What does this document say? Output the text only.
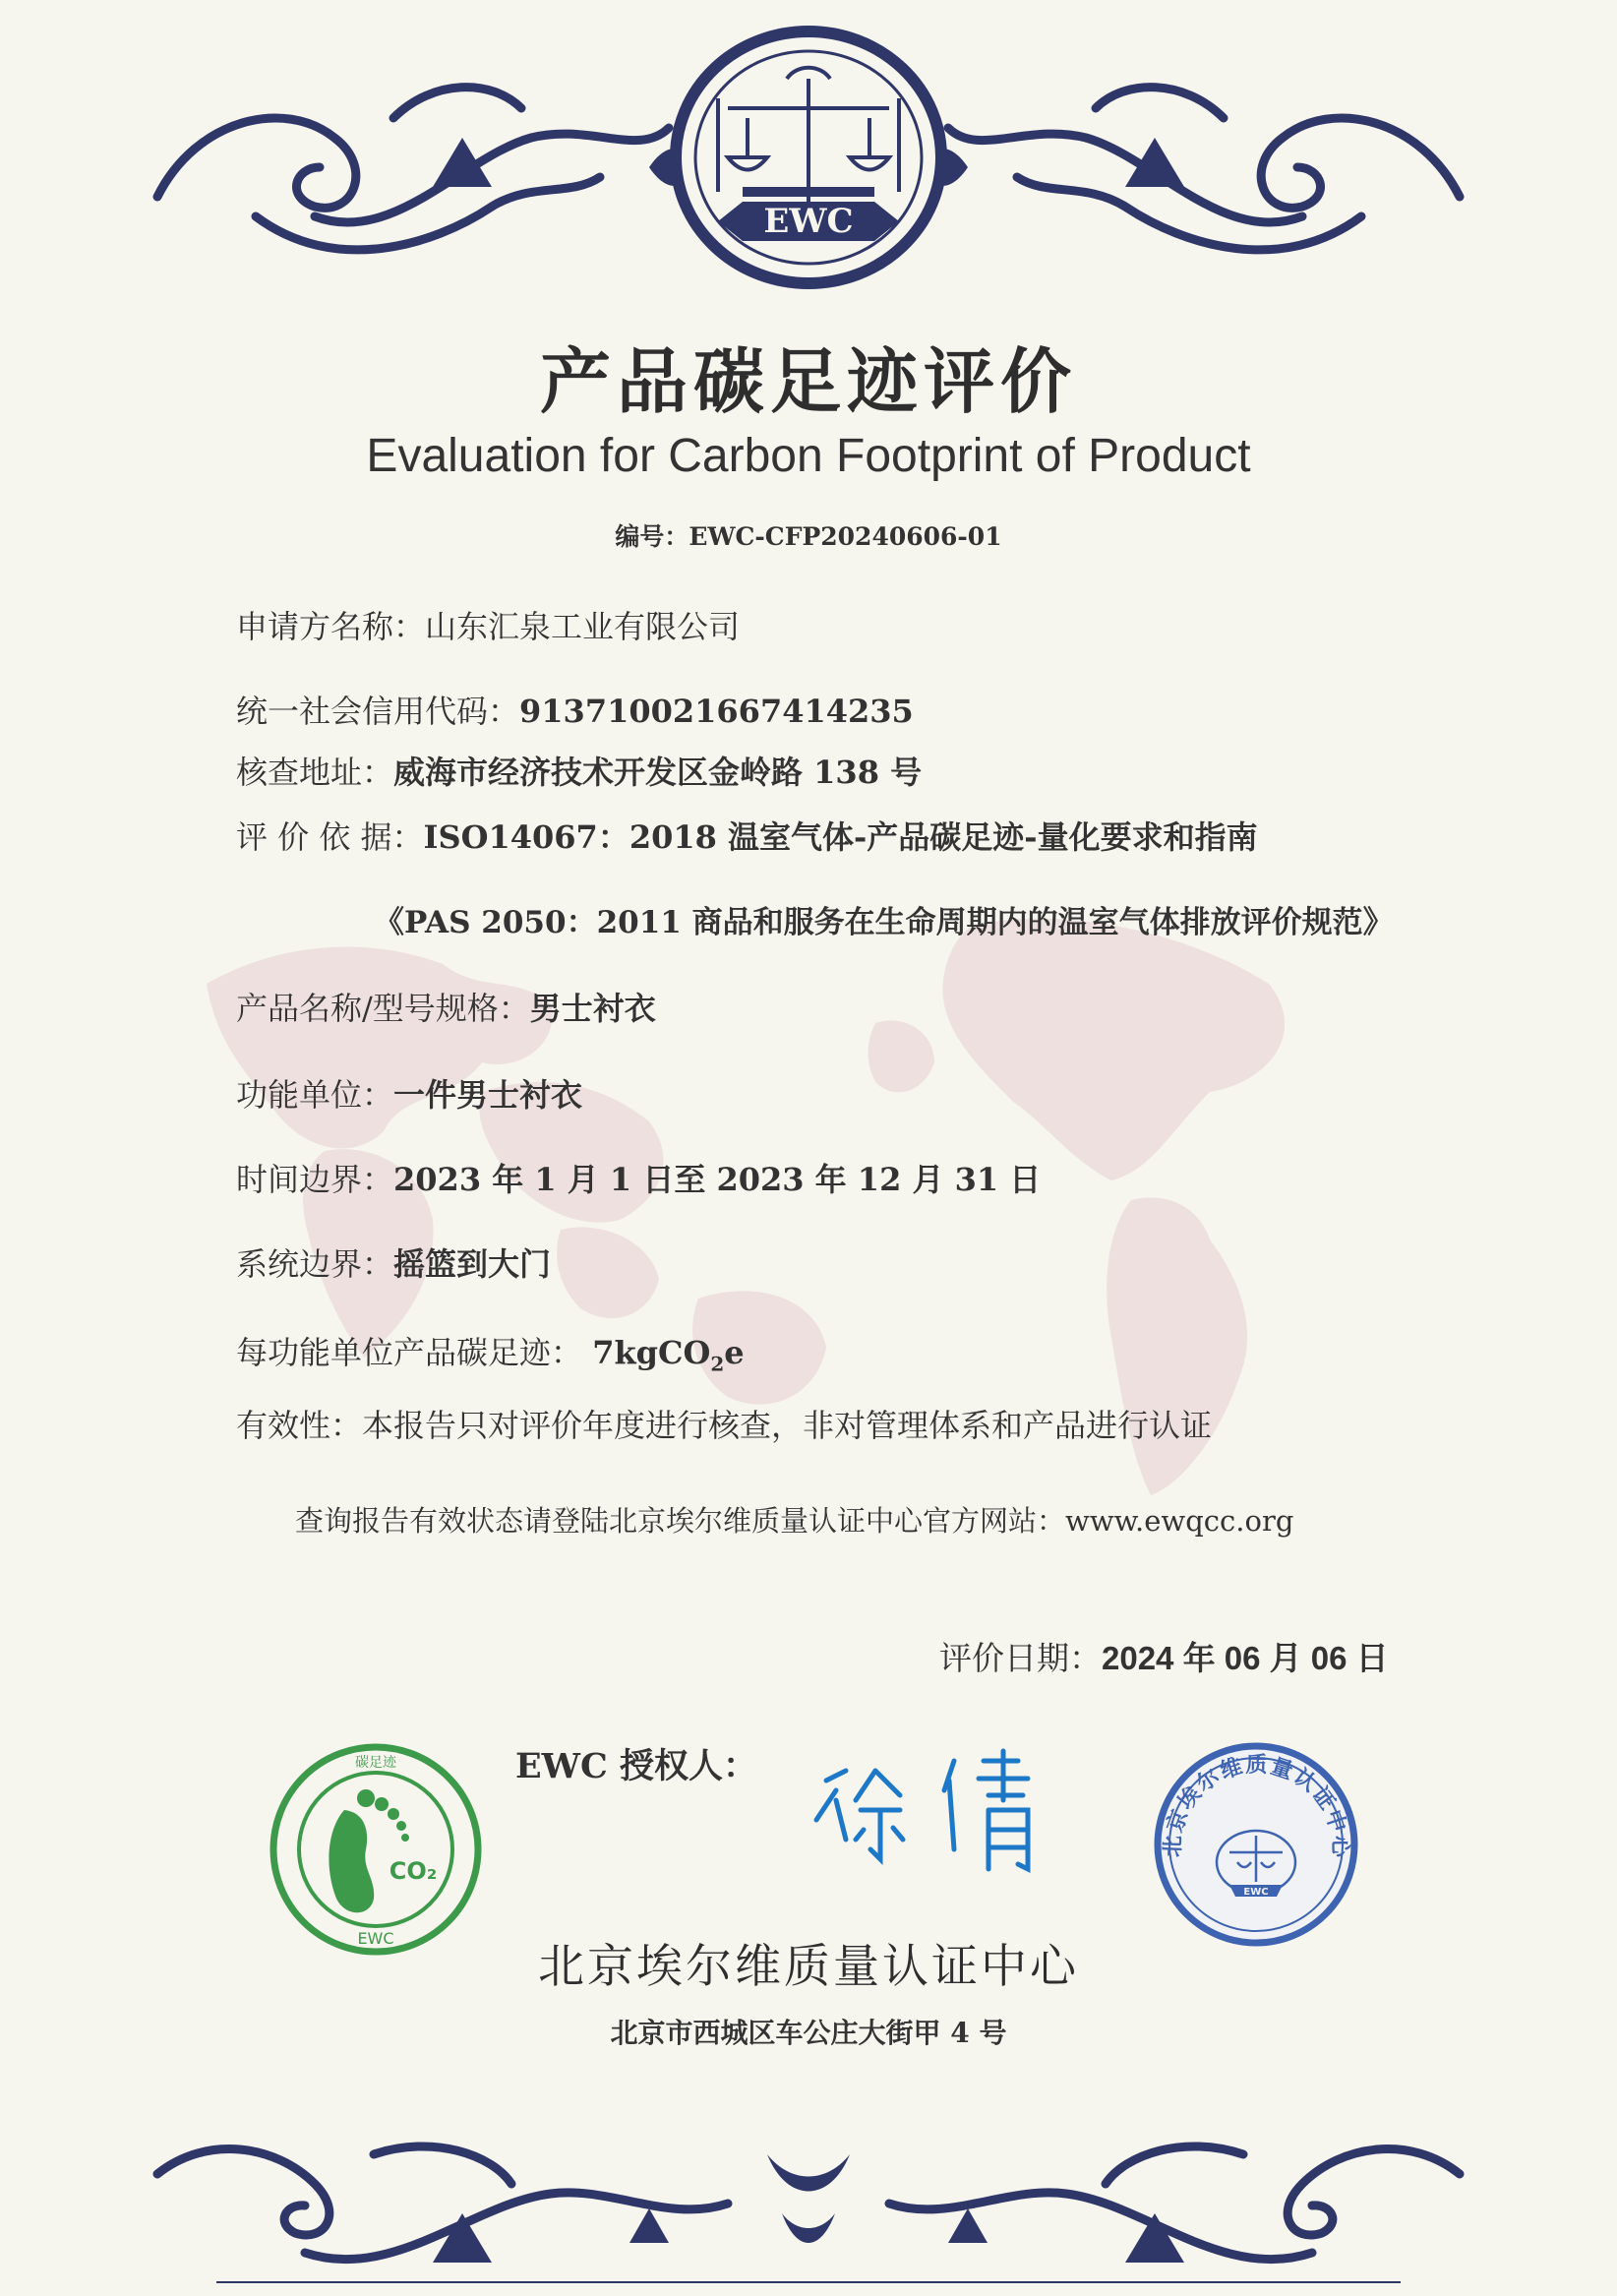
EWC
产品碳足迹评价
Evaluation for Carbon Footprint of Product
编号：EWC-CFP20240606-01
申请方名称：山东汇泉工业有限公司
统一社会信用代码：913710021667414235
核查地址：威海市经济技术开发区金岭路 138 号
评 价 依 据：ISO14067：2018 温室气体-产品碳足迹-量化要求和指南
《PAS 2050：2011 商品和服务在生命周期内的温室气体排放评价规范》
产品名称/型号规格：男士衬衣
功能单位：一件男士衬衣
时间边界：2023 年 1 月 1 日至 2023 年 12 月 31 日
系统边界：摇篮到大门
每功能单位产品碳足迹： 7kgCO$_2$e
有效性：本报告只对评价年度进行核查，非对管理体系和产品进行认证
查询报告有效状态请登陆北京埃尔维质量认证中心官方网站：www.ewqcc.org
评价日期：2024 年 06 月 06 日
EWC 授权人：
碳足迹
CO₂
EWC
北京埃尔维质量认证中心
EWC
北京埃尔维质量认证中心
北京市西城区车公庄大街甲 4 号
